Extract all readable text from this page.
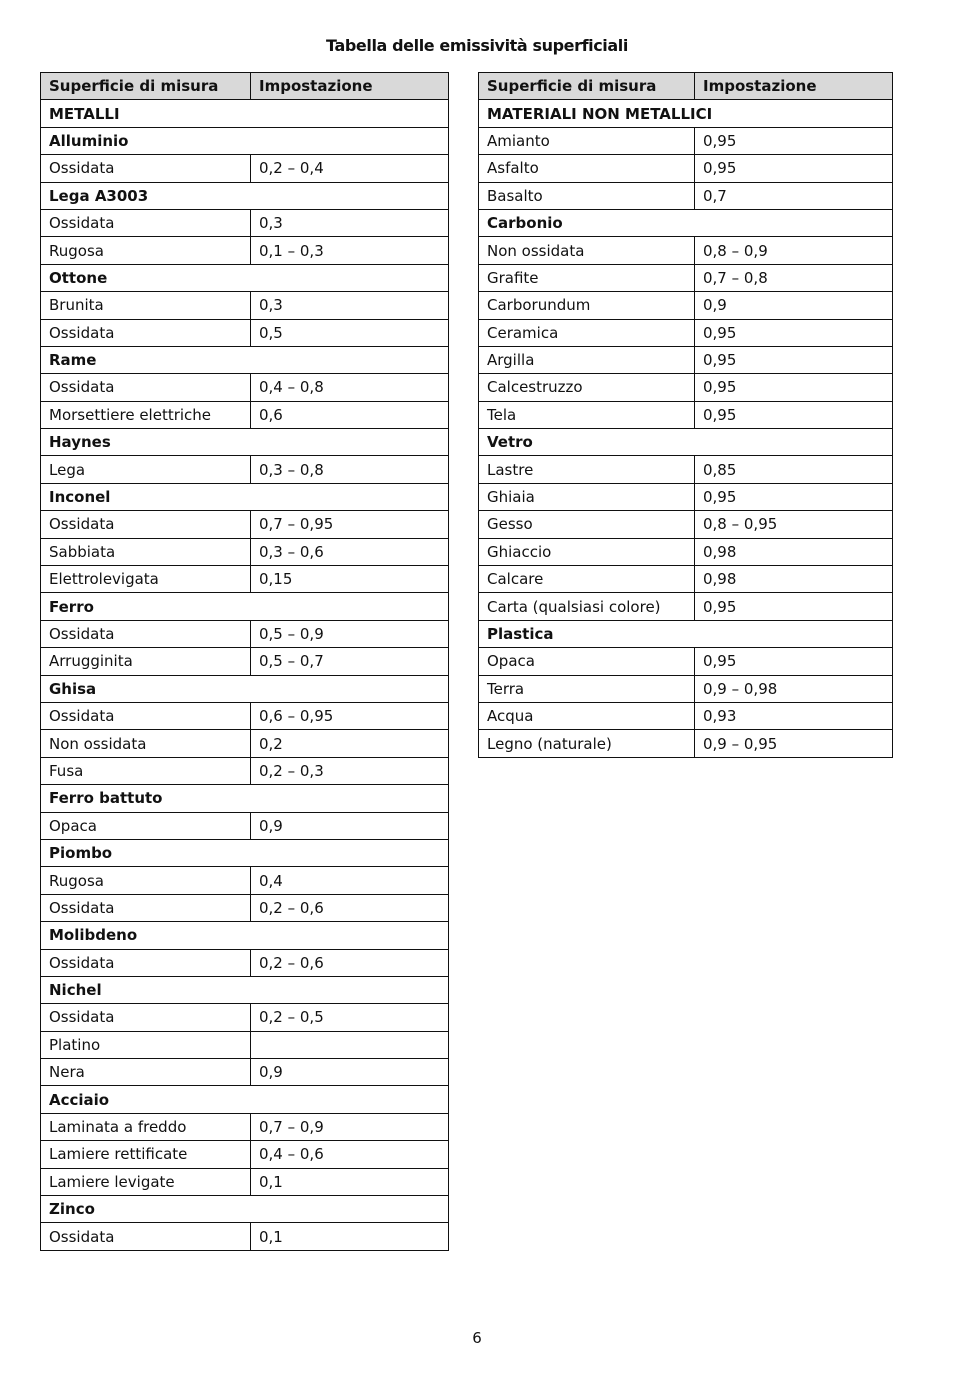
Tabella delle emissività superficiali
Superficie di misura	Impostazione
METALLI	
Alluminio	
Ossidata	0,2 – 0,4
Lega A3003	
Ossidata	0,3
Rugosa	0,1 – 0,3
Ottone	
Brunita	0,3
Ossidata	0,5
Rame	
Ossidata	0,4 – 0,8
Morsettiere elettriche	0,6
Haynes	
Lega	0,3 – 0,8
Inconel	
Ossidata	0,7 – 0,95
Sabbiata	0,3 – 0,6
Elettrolevigata	0,15
Ferro	
Ossidata	0,5 – 0,9
Arrugginita	0,5 – 0,7
Ghisa	
Ossidata	0,6 – 0,95
Non ossidata	0,2
Fusa	0,2 – 0,3
Ferro battuto	
Opaca	0,9
Piombo	
Rugosa	0,4
Ossidata	0,2 – 0,6
Molibdeno	
Ossidata	0,2 – 0,6
Nichel	
Ossidata	0,2 – 0,5
Platino	
Nera	0,9
Acciaio	
Laminata a freddo	0,7 – 0,9
Lamiere rettificate	0,4 – 0,6
Lamiere levigate	0,1
Zinco	
Ossidata	0,1
Superficie di misura	Impostazione
MATERIALI NON METALLICI	
Amianto	0,95
Asfalto	0,95
Basalto	0,7
Carbonio	
Non ossidata	0,8 – 0,9
Grafite	0,7 – 0,8
Carborundum	0,9
Ceramica	0,95
Argilla	0,95
Calcestruzzo	0,95
Tela	0,95
Vetro	
Lastre	0,85
Ghiaia	0,95
Gesso	0,8 – 0,95
Ghiaccio	0,98
Calcare	0,98
Carta (qualsiasi colore)	0,95
Plastica	
Opaca	0,95
Terra	0,9 – 0,98
Acqua	0,93
Legno (naturale)	0,9 – 0,95
6
